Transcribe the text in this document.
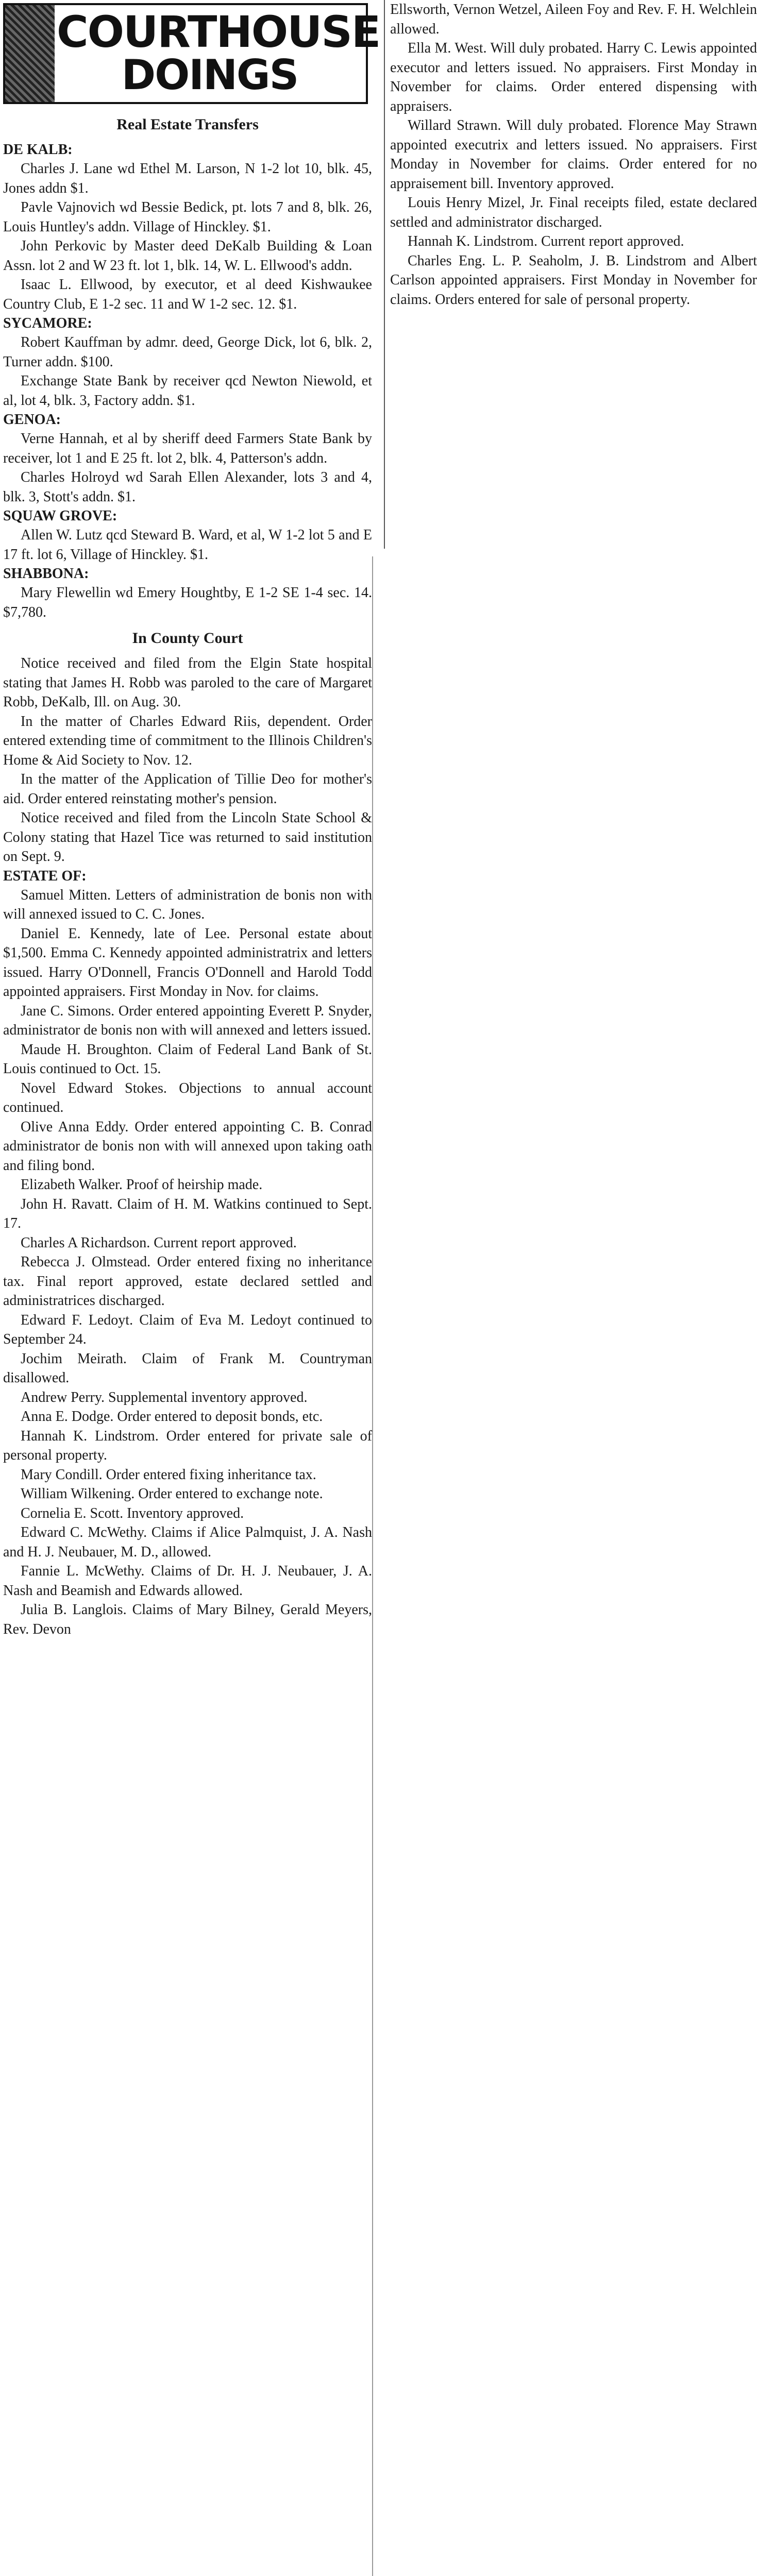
COURTHOUSE
DOINGS
Real Estate Transfers
DE KALB:
Charles J. Lane wd Ethel M. Larson, N 1-2 lot 10, blk. 45, Jones addn $1.
Pavle Vajnovich wd Bessie Bedick, pt. lots 7 and 8, blk. 26, Louis Huntley's addn. Village of Hinckley. $1.
John Perkovic by Master deed DeKalb Building & Loan Assn. lot 2 and W 23 ft. lot 1, blk. 14, W. L. Ellwood's addn.
Isaac L. Ellwood, by executor, et al deed Kishwaukee Country Club, E 1-2 sec. 11 and W 1-2 sec. 12. $1.
SYCAMORE:
Robert Kauffman by admr. deed, George Dick, lot 6, blk. 2, Turner addn. $100.
Exchange State Bank by receiver qcd Newton Niewold, et al, lot 4, blk. 3, Factory addn. $1.
GENOA:
Verne Hannah, et al by sheriff deed Farmers State Bank by receiver, lot 1 and E 25 ft. lot 2, blk. 4, Patterson's addn.
Charles Holroyd wd Sarah Ellen Alexander, lots 3 and 4, blk. 3, Stott's addn. $1.
SQUAW GROVE:
Allen W. Lutz qcd Steward B. Ward, et al, W 1-2 lot 5 and E 17 ft. lot 6, Village of Hinckley. $1.
SHABBONA:
Mary Flewellin wd Emery Houghtby, E 1-2 SE 1-4 sec. 14. $7,780.
In County Court
Notice received and filed from the Elgin State hospital stating that James H. Robb was paroled to the care of Margaret Robb, DeKalb, Ill. on Aug. 30.
In the matter of Charles Edward Riis, dependent. Order entered extending time of commitment to the Illinois Children's Home & Aid Society to Nov. 12.
In the matter of the Application of Tillie Deo for mother's aid. Order entered reinstating mother's pension.
Notice received and filed from the Lincoln State School & Colony stating that Hazel Tice was returned to said institution on Sept. 9.
ESTATE OF:
Samuel Mitten. Letters of administration de bonis non with will annexed issued to C. C. Jones.
Daniel E. Kennedy, late of Lee. Personal estate about $1,500. Emma C. Kennedy appointed administratrix and letters issued. Harry O'Donnell, Francis O'Donnell and Harold Todd appointed appraisers. First Monday in Nov. for claims.
Jane C. Simons. Order entered appointing Everett P. Snyder, administrator de bonis non with will annexed and letters issued.
Maude H. Broughton. Claim of Federal Land Bank of St. Louis continued to Oct. 15.
Novel Edward Stokes. Objections to annual account continued.
Olive Anna Eddy. Order entered appointing C. B. Conrad administrator de bonis non with will annexed upon taking oath and filing bond.
Elizabeth Walker. Proof of heirship made.
John H. Ravatt. Claim of H. M. Watkins continued to Sept. 17.
Charles A Richardson. Current report approved.
Rebecca J. Olmstead. Order entered fixing no inheritance tax. Final report approved, estate declared settled and administratrices discharged.
Edward F. Ledoyt. Claim of Eva M. Ledoyt continued to September 24.
Jochim Meirath. Claim of Frank M. Countryman disallowed.
Andrew Perry. Supplemental inventory approved.
Anna E. Dodge. Order entered to deposit bonds, etc.
Hannah K. Lindstrom. Order entered for private sale of personal property.
Mary Condill. Order entered fixing inheritance tax.
William Wilkening. Order entered to exchange note.
Cornelia E. Scott. Inventory approved.
Edward C. McWethy. Claims if Alice Palmquist, J. A. Nash and H. J. Neubauer, M. D., allowed.
Fannie L. McWethy. Claims of Dr. H. J. Neubauer, J. A. Nash and Beamish and Edwards allowed.
Julia B. Langlois. Claims of Mary Bilney, Gerald Meyers, Rev. Devon
Ellsworth, Vernon Wetzel, Aileen Foy and Rev. F. H. Welchlein allowed.
Ella M. West. Will duly probated. Harry C. Lewis appointed executor and letters issued. No appraisers. First Monday in November for claims. Order entered dispensing with appraisers.
Willard Strawn. Will duly probated. Florence May Strawn appointed executrix and letters issued. No appraisers. First Monday in November for claims. Order entered for no appraisement bill. Inventory approved.
Louis Henry Mizel, Jr. Final receipts filed, estate declared settled and administrator discharged.
Hannah K. Lindstrom. Current report approved.
Charles Eng. L. P. Seaholm, J. B. Lindstrom and Albert Carlson appointed appraisers. First Monday in November for claims. Orders entered for sale of personal property.
